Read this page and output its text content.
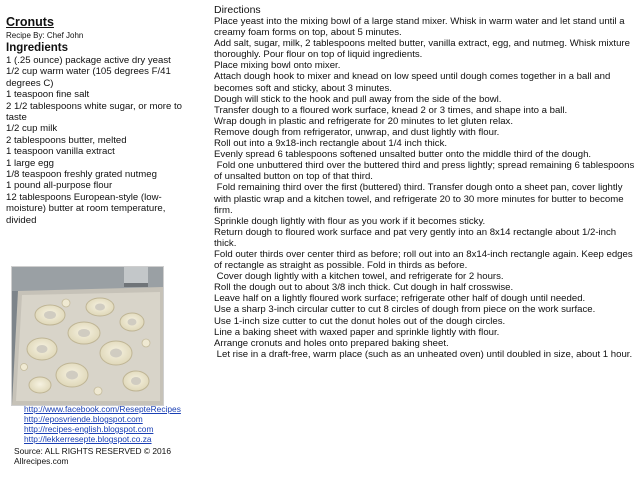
Cronuts
Recipe By: Chef John
Ingredients
1 (.25 ounce) package active dry yeast
1/2 cup warm water (105 degrees F/41 degrees C)
1 teaspoon fine salt
2 1/2 tablespoons white sugar, or more to taste
1/2 cup milk
2 tablespoons butter, melted
1 teaspoon vanilla extract
1 large egg
1/8 teaspoon freshly grated nutmeg
1 pound all-purpose flour
12 tablespoons European-style (low-moisture) butter at room temperature, divided
http://www.facebook.com/ResepteRecipes
http://eposvriende.blogspot.com
http://recipes-english.blogspot.com
http://lekkerresepte.blogspot.co.za
Source: ALL RIGHTS RESERVED © 2016 Allrecipes.com
Directions
Place yeast into the mixing bowl of a large stand mixer. Whisk in warm water and let stand until a creamy foam forms on top, about 5 minutes.
Add salt, sugar, milk, 2 tablespoons melted butter, vanilla extract, egg, and nutmeg. Whisk mixture thoroughly. Pour flour on top of liquid ingredients.
Place mixing bowl onto mixer.
Attach dough hook to mixer and knead on low speed until dough comes together in a ball and becomes soft and sticky, about 3 minutes.
Dough will stick to the hook and pull away from the side of the bowl.
Transfer dough to a floured work surface, knead 2 or 3 times, and shape into a ball.
Wrap dough in plastic and refrigerate for 20 minutes to let gluten relax.
Remove dough from refrigerator, unwrap, and dust lightly with flour.
Roll out into a 9x18-inch rectangle about 1/4 inch thick.
Evenly spread 6 tablespoons softened unsalted butter onto the middle third of the dough.
Fold one unbuttered third over the buttered third and press lightly; spread remaining 6 tablespoons of unsalted button on top of that third.
Fold remaining third over the first (buttered) third. Transfer dough onto a sheet pan, cover lightly with plastic wrap and a kitchen towel, and refrigerate 20 to 30 more minutes for butter to become firm.
Sprinkle dough lightly with flour as you work if it becomes sticky.
Return dough to floured work surface and pat very gently into an 8x14 rectangle about 1/2-inch thick.
Fold outer thirds over center third as before; roll out into an 8x14-inch rectangle again. Keep edges of rectangle as straight as possible. Fold in thirds as before.
Cover dough lightly with a kitchen towel, and refrigerate for 2 hours.
Roll the dough out to about 3/8 inch thick. Cut dough in half crosswise.
Leave half on a lightly floured work surface; refrigerate other half of dough until needed.
Use a sharp 3-inch circular cutter to cut 8 circles of dough from piece on the work surface.
Use 1-inch size cutter to cut the donut holes out of the dough circles.
Line a baking sheet with waxed paper and sprinkle lightly with flour.
Arrange cronuts and holes onto prepared baking sheet.
Let rise in a draft-free, warm place (such as an unheated oven) until doubled in size, about 1 hour.
